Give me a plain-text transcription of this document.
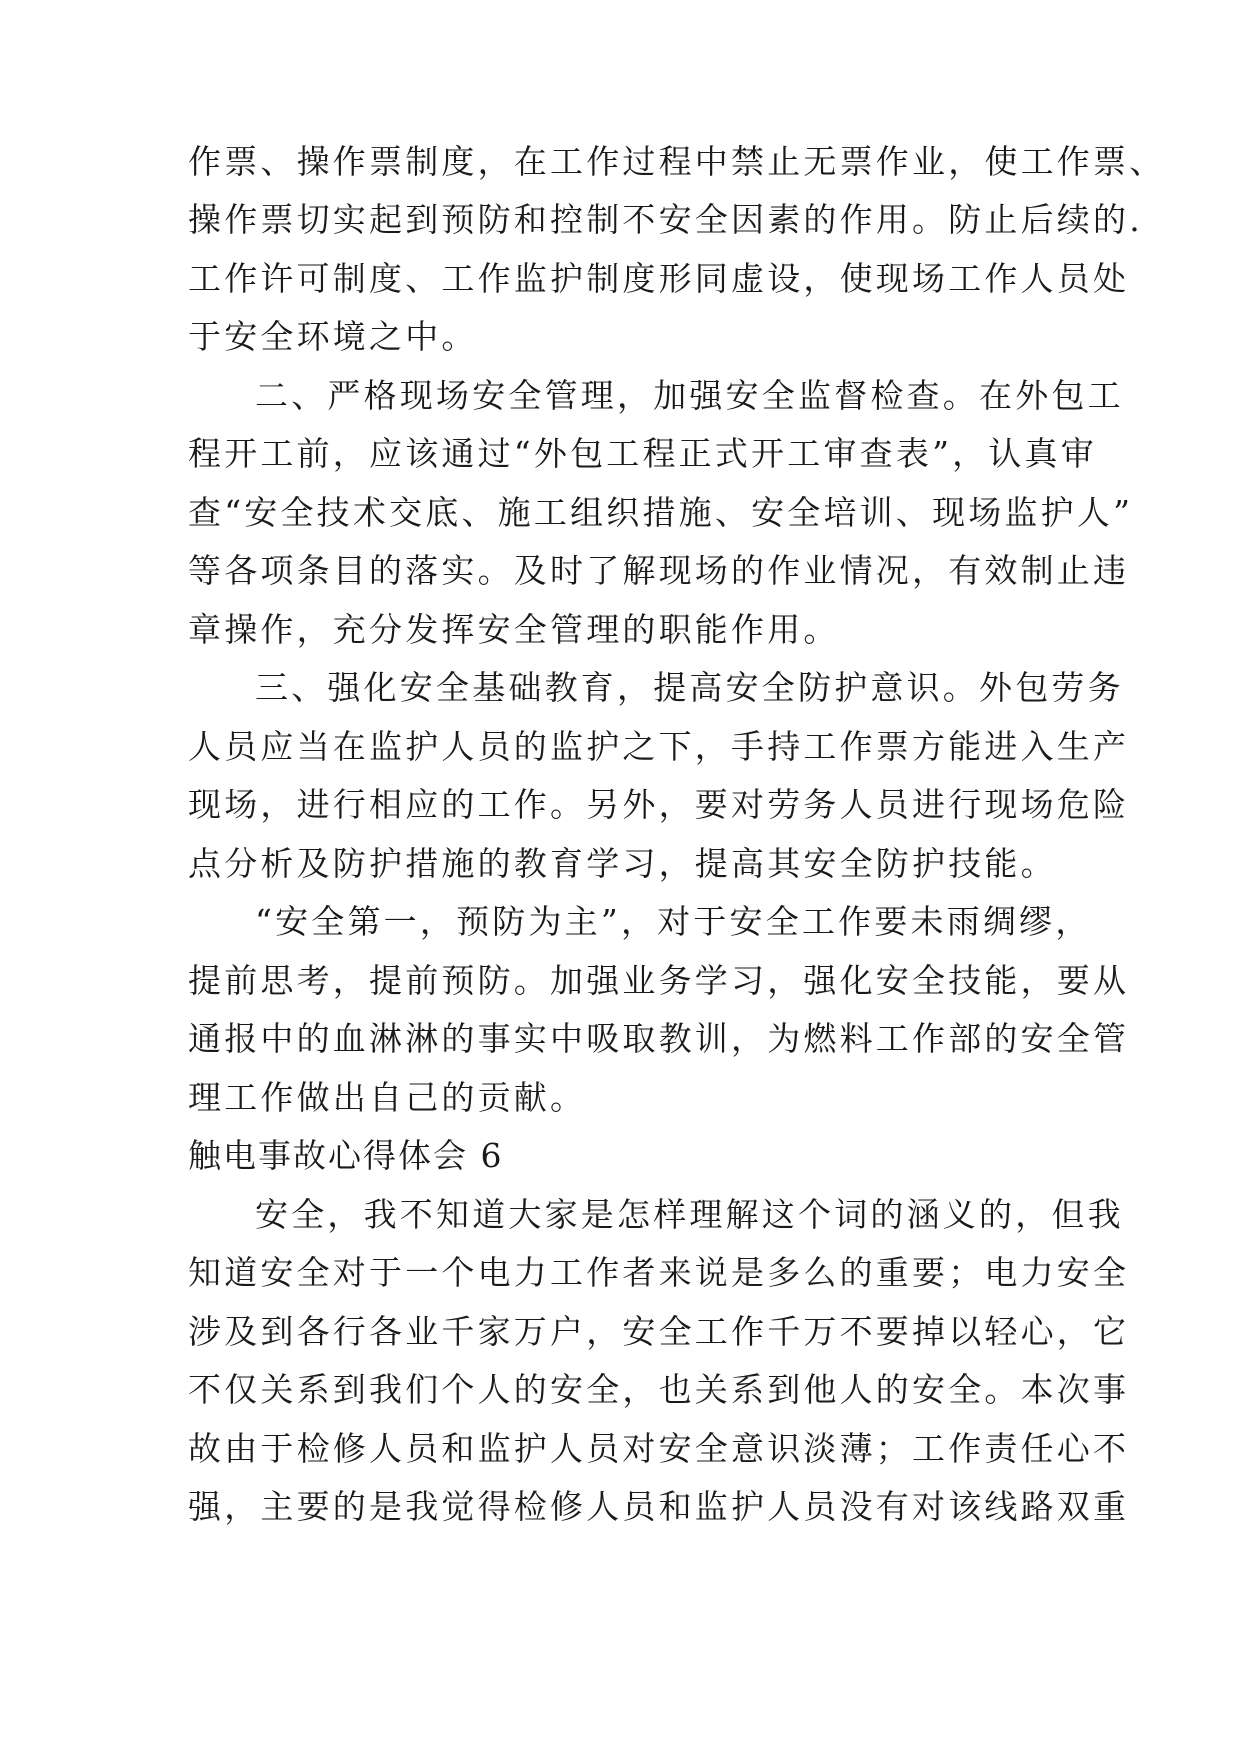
作票、操作票制度，在工作过程中禁止无票作业，使工作票、
操作票切实起到预防和控制不安全因素的作用。防止后续的.
工作许可制度、工作监护制度形同虚设，使现场工作人员处
于安全环境之中。
二、严格现场安全管理，加强安全监督检查。在外包工
程开工前，应该通过“外包工程正式开工审查表”，认真审
查“安全技术交底、施工组织措施、安全培训、现场监护人”
等各项条目的落实。及时了解现场的作业情况，有效制止违
章操作，充分发挥安全管理的职能作用。
三、强化安全基础教育，提高安全防护意识。外包劳务
人员应当在监护人员的监护之下，手持工作票方能进入生产
现场，进行相应的工作。另外，要对劳务人员进行现场危险
点分析及防护措施的教育学习，提高其安全防护技能。
“安全第一，预防为主”，对于安全工作要未雨绸缪，
提前思考，提前预防。加强业务学习，强化安全技能，要从
通报中的血淋淋的事实中吸取教训，为燃料工作部的安全管
理工作做出自己的贡献。
触电事故心得体会 6
安全，我不知道大家是怎样理解这个词的涵义的，但我
知道安全对于一个电力工作者来说是多么的重要；电力安全
涉及到各行各业千家万户，安全工作千万不要掉以轻心，它
不仅关系到我们个人的安全，也关系到他人的安全。本次事
故由于检修人员和监护人员对安全意识淡薄；工作责任心不
强，主要的是我觉得检修人员和监护人员没有对该线路双重
